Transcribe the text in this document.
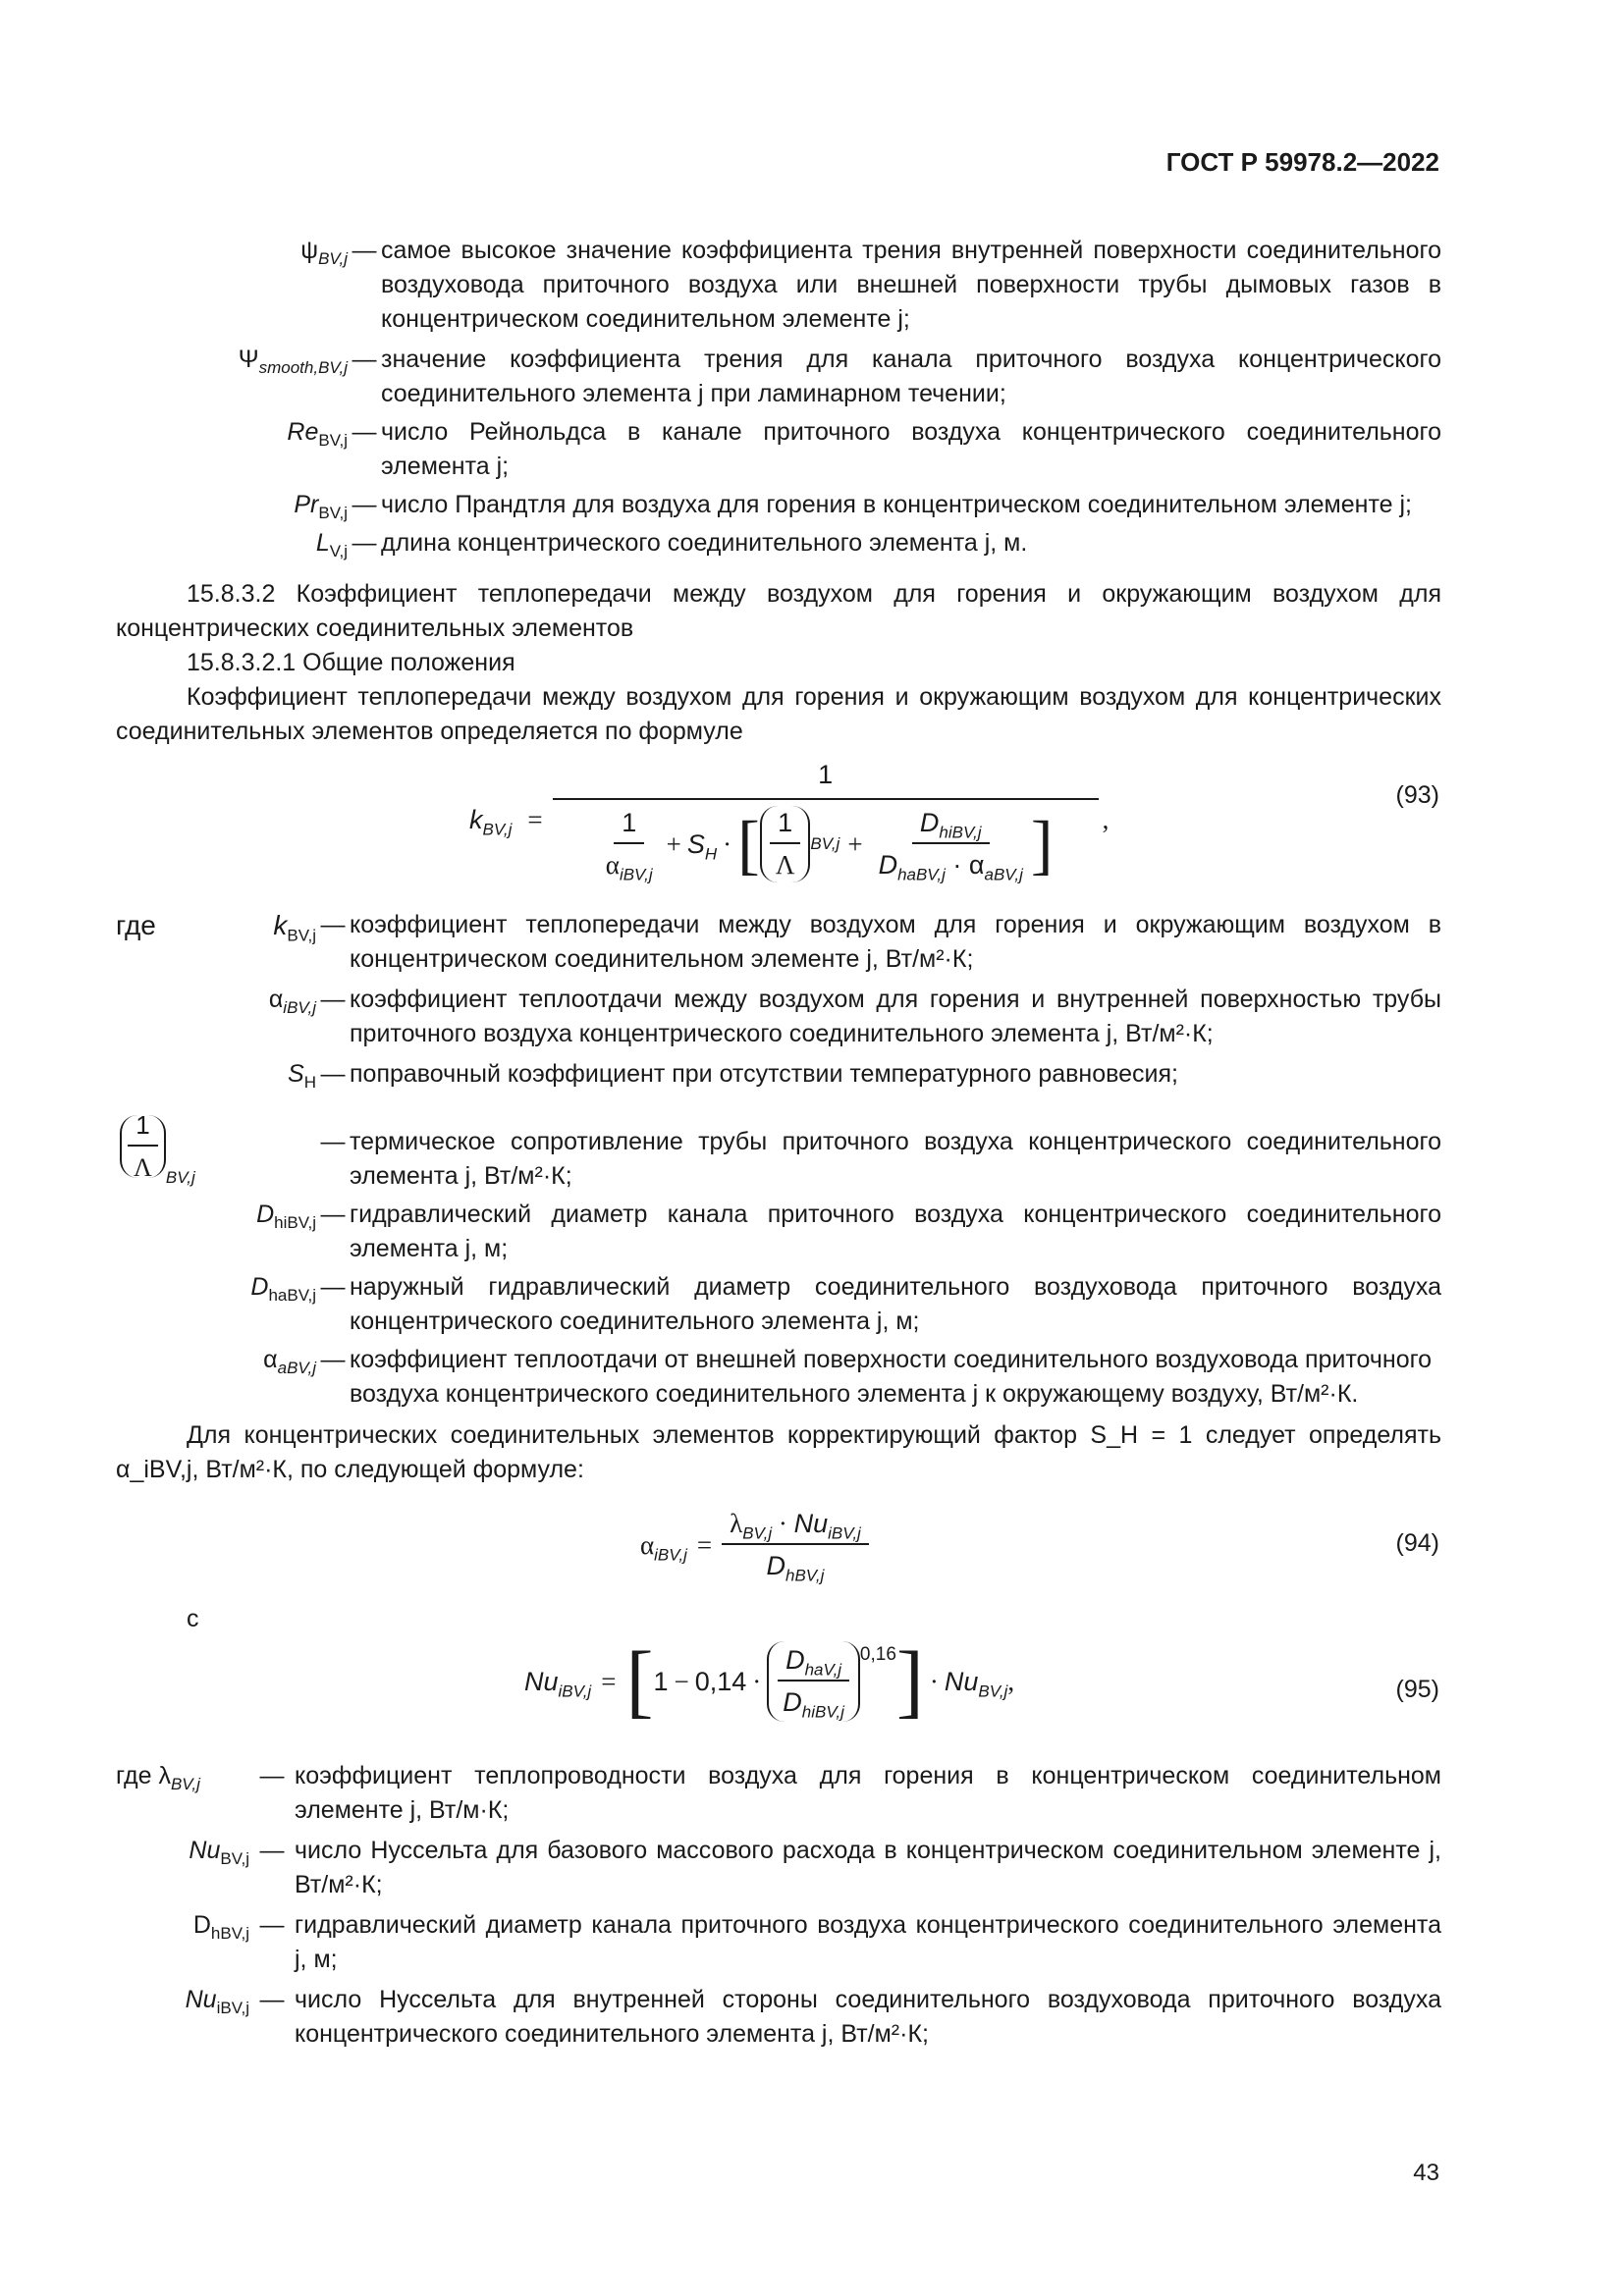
ГОСТ Р 59978.2—2022
$\psi_{BV,j}$ — самое высокое значение коэффициента трения внутренней поверхности соединительного воздуховода приточного воздуха или внешней поверхности трубы дымовых газов в концентрическом соединительном элементе j;
$\Psi_{smooth,BV,j}$ — значение коэффициента трения для канала приточного воздуха концентрического соединительного элемента j при ламинарном течении;
$Re_{BV,j}$ — число Рейнольдса в канале приточного воздуха концентрического соединительного элемента j;
$Pr_{BV,j}$ — число Прандтля для воздуха для горения в концентрическом соединительном элементе j;
$L_{V,j}$ — длина концентрического соединительного элемента j, м.
15.8.3.2 Коэффициент теплопередачи между воздухом для горения и окружающим воздухом для концентрических соединительных элементов
15.8.3.2.1 Общие положения
Коэффициент теплопередачи между воздухом для горения и окружающим воздухом для концентрических соединительных элементов определяется по формуле
$k_{BV,j}$ =
1
$\frac{1}{\alpha_{iBV,j}} + S_H$ · [ $\frac{1}{\Lambda} BV,j + \frac{D_{hiBV,j}}{D_{haBV,j} \cdot \alpha_{aBV,j}}$ ] ,
(93)
где	$k_{BV,j}$ — коэффициент теплопередачи между воздухом для горения и окружающим воздухом в концентрическом соединительном элементе j, Вт/м²·К;
$\alpha_{iBV,j}$ — коэффициент теплоотдачи между воздухом для горения и внутренней поверхностью трубы приточного воздуха концентрического соединительного элемента j, Вт/м²·К;
$S_H$ — поправочный коэффициент при отсутствии температурного равновесия;
$\frac{1}{\Lambda} BV,j$
— термическое сопротивление трубы приточного воздуха концентрического соединительного элемента j, Вт/м²·К;
$D_{hiBV,j}$ — гидравлический диаметр канала приточного воздуха концентрического соединительного элемента j, м;
$D_{haBV,j}$ — наружный гидравлический диаметр соединительного воздуховода приточного воздуха концентрического соединительного элемента j, м;
$\alpha_{aBV,j}$ — коэффициент теплоотдачи от внешней поверхности соединительного воздуховода приточного воздуха концентрического соединительного элемента j к окружающему воздуху, Вт/м²·К.
Для концентрических соединительных элементов корректирующий фактор S_H = 1 следует определять α_iBV,j, Вт/м²·К, по следующей формуле:
$\alpha_{iBV,j} = \frac{\lambda_{BV,j} \cdot Nu_{iBV,j}}{D_{hBV,j}}$	(94)
с
$Nu_{iBV,j}$ = [ $1 - 0,14 \cdot \frac{D_{haV,j}}{D_{hiBV,j}}^{0,16}$ ] · $Nu_{BV,j}$ ,	(95)
где $\lambda_{BV,j}$	— коэффициент теплопроводности воздуха для горения в концентрическом соединительном элементе j, Вт/м·К;
$Nu_{BV,j}$ — число Нуссельта для базового массового расхода в концентрическом соединительном элементе j, Вт/м²·К;
$D_{hBV,j}$ — гидравлический диаметр канала приточного воздуха концентрического соединительного элемента j, м;
$Nu_{iBV,j}$ — число Нуссельта для внутренней стороны соединительного воздуховода приточного воздуха концентрического соединительного элемента j, Вт/м²·К;
43
